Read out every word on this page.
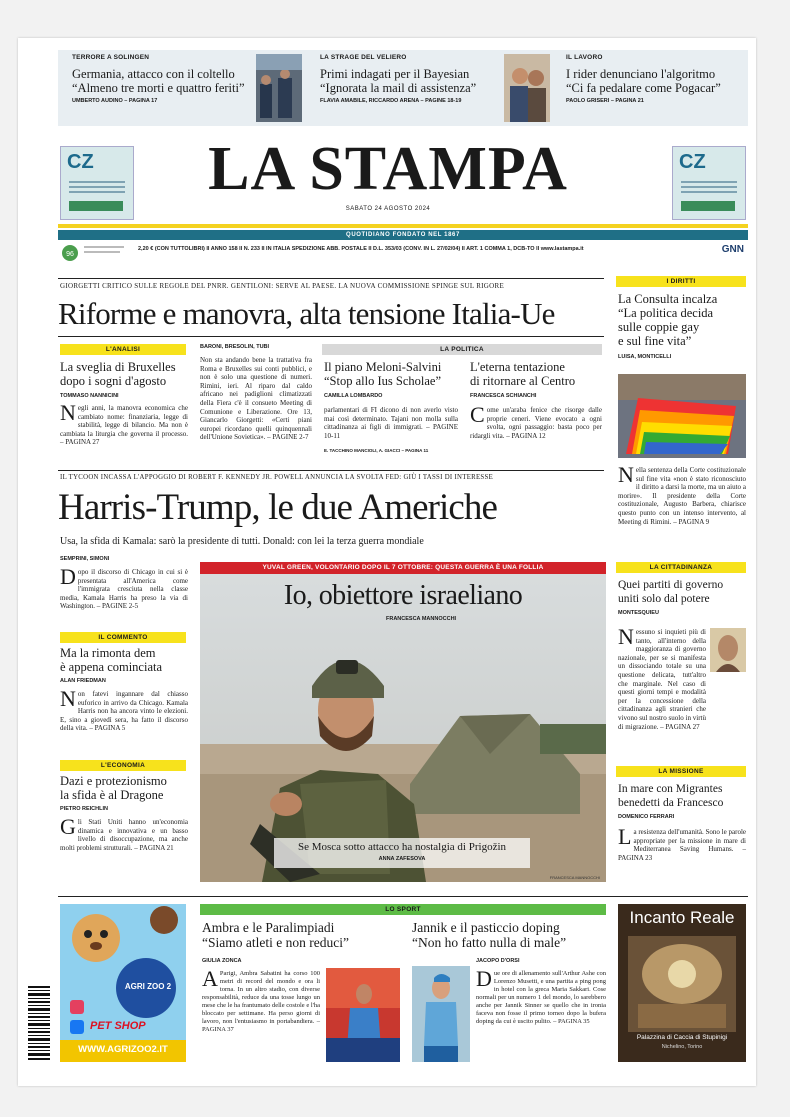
TERRORE A SOLINGEN
Germania, attacco con il coltello
“Almeno tre morti e quattro feriti”
UMBERTO AUDINO – PAGINA 17
LA STRAGE DEL VELIERO
Primi indagati per il Bayesian
“Ignorata la mail di assistenza”
FLAVIA AMABILE, RICCARDO ARENA – PAGINE 18-19
IL LAVORO
I rider denunciano l'algoritmo
“Ci fa pedalare come Pogacar”
PAOLO GRISERI – PAGINA 21
CZ	LA STAMPA	CZ
SABATO 24 AGOSTO 2024
QUOTIDIANO FONDATO NEL 1867
96
2,20 € (CON TUTTOLIBRI) II ANNO 158 II N. 233 II IN ITALIA SPEDIZIONE ABB. POSTALE II D.L. 353/03 (CONV. IN L. 27/02/04) II ART. 1 COMMA 1, DCB-TO II www.lastampa.it	GNN
GIORGETTI CRITICO SULLE REGOLE DEL PNRR. GENTILONI: SERVE AL PAESE. LA NUOVA COMMISSIONE SPINGE SUL RIGORE
Riforme e manovra, alta tensione Italia-Ue
L'ANALISI
La sveglia di Bruxelles
dopo i sogni d'agosto
TOMMASO NANNICINI
Negli anni, la manovra economica che cambiato nome: finanziaria, legge di stabilità, legge di bilancio. Ma non è cambiata la liturgia che governa il processo. – PAGINA 27
BARONI, BRESOLIN, TUBI
Non sta andando bene la trattativa fra Roma e Bruxelles sui conti pubblici, e non è solo una questione di numeri. Rimini, ieri. Al riparo dal caldo africano nei padiglioni climatizzati della Fiera c'è il consueto Meeting di Comunione e Liberazione. Ore 13, Giancarlo Giorgetti: «Certi piani europei ricordano quelli quinquennali dell'Unione Sovietica». – PAGINE 2-7
LA POLITICA
Il piano Meloni-Salvini
“Stop allo Ius Scholae”
CAMILLA LOMBARDO
parlamentari di FI dicono di non averlo visto mai così determinato. Tajani non molla sulla cittadinanza ai figli di immigrati. – PAGINE 10-11
E. TACCHINO MANCIOLI, A. GIACCI – PAGINA 11
L'eterna tentazione
di ritornare al Centro
FRANCESCA SCHIANCHI
Come un'araba fenice che risorge dalle proprie ceneri. Viene evocato a ogni svolta, ogni passaggio: basta poco per ridargli vita. – PAGINA 12
I DIRITTI
La Consulta incalza
“La politica decida
sulle coppie gay
e sul fine vita”
LUISA, MONTICELLI
Nella sentenza della Corte costituzionale sul fine vita «non è stato riconosciuto il diritto a darsi la morte, ma un aiuto a morire». Il presidente della Corte costituzionale, Augusto Barbera, chiarisce questo punto con un intenso intervento, al Meeting di Rimini. – PAGINA 9
IL TYCOON INCASSA L'APPOGGIO DI ROBERT F. KENNEDY JR. POWELL ANNUNCIA LA SVOLTA FED: GIÙ I TASSI DI INTERESSE
Harris-Trump, le due Americhe
Usa, la sfida di Kamala: sarò la presidente di tutti. Donald: con lei la terza guerra mondiale
SEMPRINI, SIMONI
Dopo il discorso di Chicago in cui si è presentata all'America come l'immigrata cresciuta nella classe media, Kamala Harris ha preso la via di Washington. – PAGINE 2-5
IL COMMENTO
Ma la rimonta dem
è appena cominciata
ALAN FRIEDMAN
Non fatevi ingannare dal chiasso euforico in arrivo da Chicago. Kamala Harris non ha ancora vinto le elezioni. E, sino a giovedì sera, ha fatto il discorso della vita. – PAGINA 5
L'ECONOMIA
Dazi e protezionismo
la sfida è al Dragone
PIETRO REICHLIN
Gli Stati Uniti hanno un'economia dinamica e innovativa e un basso livello di disoccupazione, ma anche molti problemi strutturali. – PAGINA 21
YUVAL GREEN, VOLONTARIO DOPO IL 7 OTTOBRE: QUESTA GUERRA È UNA FOLLIA
Io, obiettore israeliano
FRANCESCA MANNOCCHI
Se Mosca sotto attacco ha nostalgia di Prigožin
ANNA ZAFESOVA
FRANCESCA MANNOCCHI
LA CITTADINANZA
Quei partiti di governo
uniti solo dal potere
MONTESQUIEU
Nessuno si inquieti più di tanto, all'interno della maggioranza di governo nazionale, per se si manifesta un dissociando totale su una questione delicata, tutt'altro che marginale. Nel caso di questi giorni tempi e modalità per la concessione della cittadinanza agli stranieri che vivono sul nostro suolo in virtù di migrazione. – PAGINA 27
LA MISSIONE
In mare con Migrantes
benedetti da Francesco
DOMENICO FERRARI
La resistenza dell'umanità. Sono le parole appropriate per la missione in mare di Mediterranea Saving Humans. – PAGINA 23
AGRI ZOO 2
PET SHOP
WWW.AGRIZOO2.IT
LO SPORT
Ambra e le Paralimpiadi
“Siamo atleti e non reduci”
GIULIA ZONCA
A Parigi, Ambra Sabatini ha corso 100 metri di record del mondo e ora li torna. In un altro stadio, con diverse responsabilità, reduce da una tosse lungo un mese che le ha frantumato delle costole e l'ha bloccato per settimane. Ha perso giorni di lavoro, non l'entusiasmo in portabandiera. – PAGINA 37
Jannik e il pasticcio doping
“Non ho fatto nulla di male”
JACOPO D'ORSI
Due ore di allenamento sull'Arthur Ashe con Lorenzo Musetti, e una partita a ping pong in hotel con la greca Maria Sakkari. Cose normali per un numero 1 del mondo, lo sarebbero anche per Jannik Sinner se quello che in ironia faceva non fosse il primo torneo dopo la bufera doping da cui è uscito pulito. – PAGINA 35
Incanto Reale
Palazzina di Caccia di Stupinigi
Nichelino, Torino
